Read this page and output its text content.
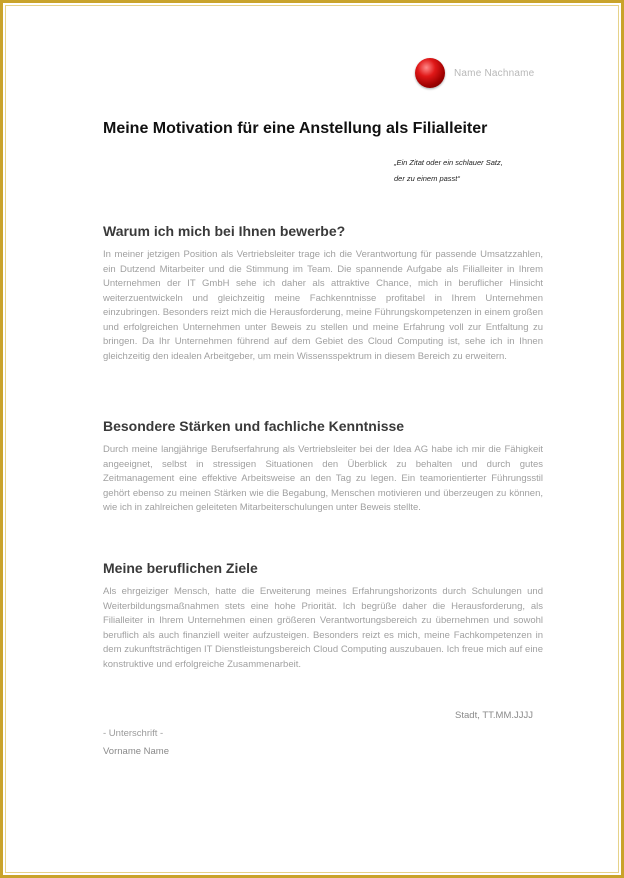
Name Nachname
Meine Motivation für eine Anstellung als Filialleiter
„Ein Zitat oder ein schlauer Satz,
der zu einem passt“
Warum ich mich bei Ihnen bewerbe?

In meiner jetzigen Position als Vertriebsleiter trage ich die Verantwortung für passende Umsatzzahlen, ein Dutzend Mitarbeiter und die Stimmung im Team. Die spannende Aufgabe als Filialleiter in Ihrem Unternehmen der IT GmbH sehe ich daher als attraktive Chance, mich in beruflicher Hinsicht weiterzuentwickeln und gleichzeitig meine Fachkenntnisse profitabel in Ihrem Unternehmen einzubringen. Besonders reizt mich die Herausforderung, meine Führungskompetenzen in einem großen und erfolgreichen Unternehmen unter Beweis zu stellen und meine Erfahrung voll zur Entfaltung zu bringen. Da Ihr Unternehmen führend auf dem Gebiet des Cloud Computing ist, sehe ich in Ihnen gleichzeitig den idealen Arbeitgeber, um mein Wissensspektrum in diesem Bereich zu erweitern.

Besondere Stärken und fachliche Kenntnisse

Durch meine langjährige Berufserfahrung als Vertriebsleiter bei der Idea AG habe ich mir die Fähigkeit angeeignet, selbst in stressigen Situationen den Überblick zu behalten und durch gutes Zeitmanagement eine effektive Arbeitsweise an den Tag zu legen. Ein teamorientierter Führungsstil gehört ebenso zu meinen Stärken wie die Begabung, Menschen motivieren und überzeugen zu können, wie ich in zahlreichen geleiteten Mitarbeiterschulungen unter Beweis stellte.

Meine beruflichen Ziele

Als ehrgeiziger Mensch, hatte die Erweiterung meines Erfahrungshorizonts durch Schulungen und Weiterbildungsmaßnahmen stets eine hohe Priorität. Ich begrüße daher die Herausforderung, als Filialleiter in Ihrem Unternehmen einen größeren Verantwortungsbereich zu übernehmen und sowohl beruflich als auch finanziell weiter aufzusteigen. Besonders reizt es mich, meine Fachkompetenzen in dem zukunftsträchtigen IT Dienstleistungsbereich Cloud Computing auszubauen. Ich freue mich auf eine konstruktive und erfolgreiche Zusammenarbeit.

Stadt, TT.MM.JJJJ
- Unterschrift -
Vorname Name
